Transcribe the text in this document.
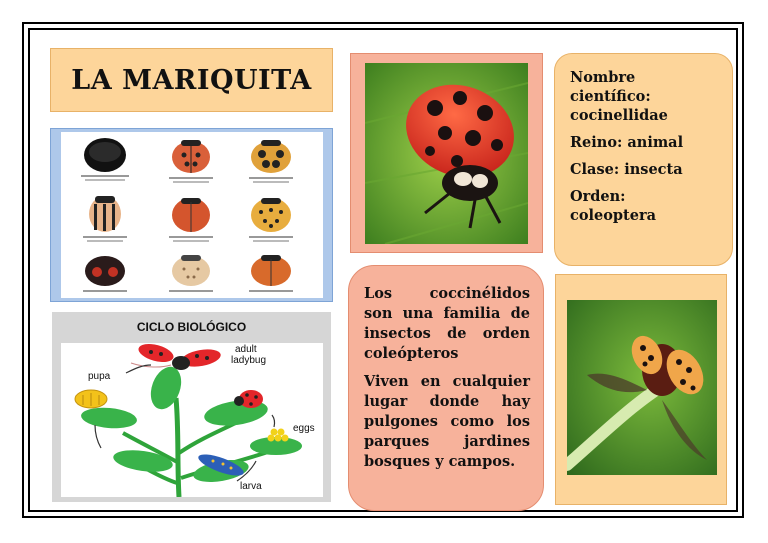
LA MARIQUITA
CICLO BIOLÓGICO
adult
ladybug
pupa
eggs
larva

Nombre
científico:
cocinellidae

Reino: animal

Clase: insecta

Orden:
coleoptera

Los coccinélidos son una familia de insectos de orden coleópteros

Viven en cualquier lugar donde hay pulgones como los parques jardines bosques y campos.
